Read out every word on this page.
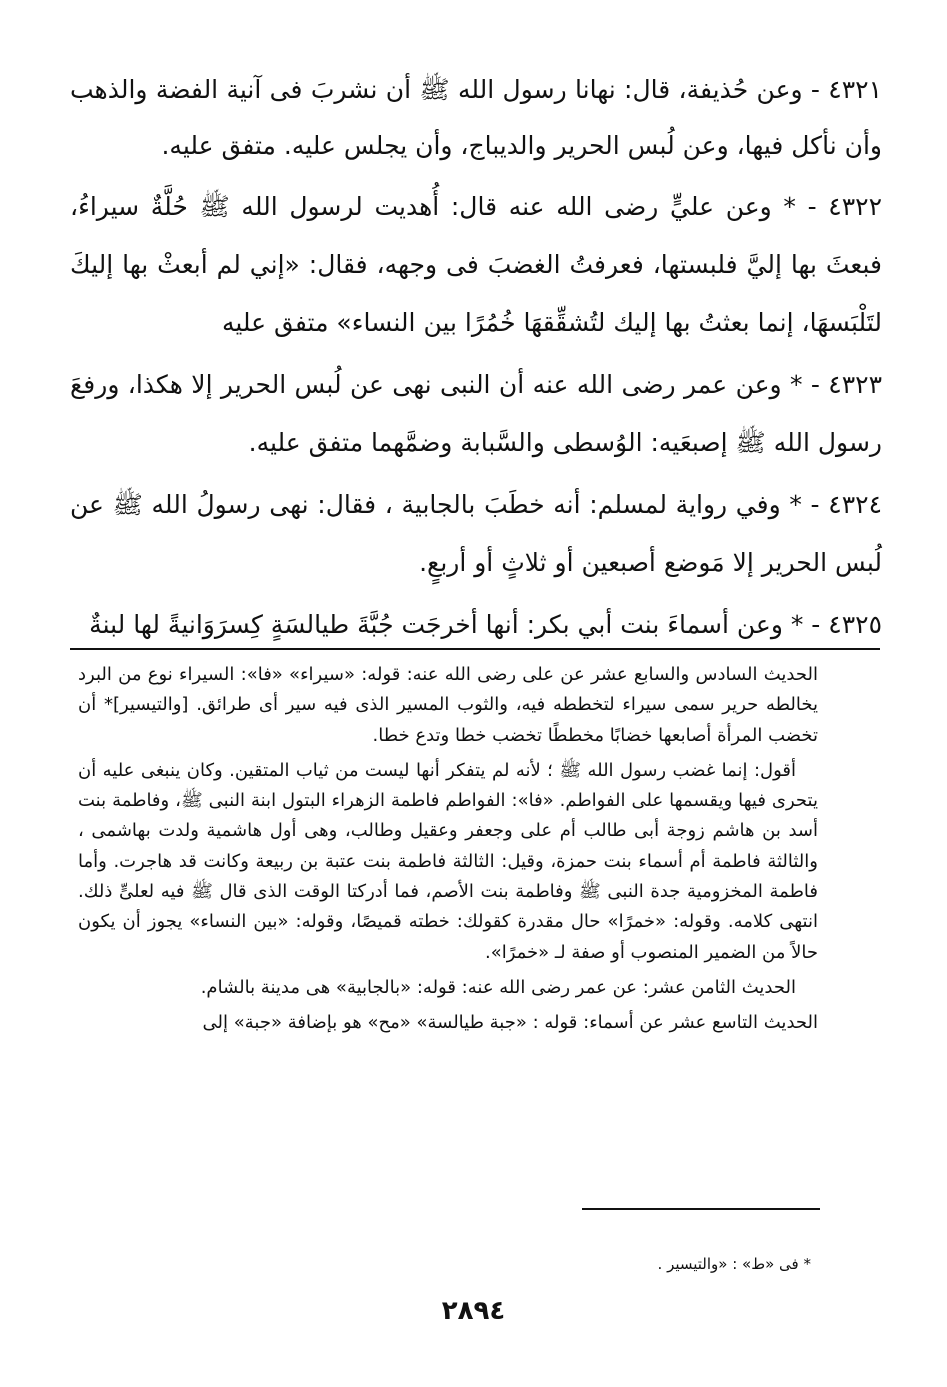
٤٣٢١ - وعن حُذيفة، قال: نهانا رسول الله ﷺ أن نشربَ فى آنية الفضة والذهب وأن نأكل فيها، وعن لُبس الحرير والديباج، وأن يجلس عليه. متفق عليه.

٤٣٢٢ - * وعن عليٍّ رضى الله عنه قال: أُهديت لرسول الله ﷺ حُلَّةٌ سيراءُ، فبعثَ بها إليَّ فلبستها، فعرفتُ الغضبَ فى وجهه، فقال: «إني لم أبعثْ بها إليكَ لتَلْبَسهَا، إنما بعثتُ بها إليك لتُشقِّقهَا خُمُرًا بين النساء» متفق عليه

٤٣٢٣ - * وعن عمر رضى الله عنه أن النبى نهى عن لُبس الحرير إلا هكذا، ورفعَ رسول الله ﷺ إصبعَيه: الوُسطى والسَّبابة وضمَّهما متفق عليه.

٤٣٢٤ - * وفي رواية لمسلم: أنه خطَبَ بالجابية ، فقال: نهى رسولُ الله ﷺ عن لُبس الحرير إلا مَوضع أصبعين أو ثلاثٍ أو أربعٍ.

٤٣٢٥ - * وعن أسماءَ بنت أبي بكر: أنها أخرجَت جُبَّةَ طيالسَةٍ كِسرَوَانيةً لها لبنةٌ

الحديث السادس والسابع عشر عن على رضى الله عنه: قوله: «سيراء» «فا»: السيراء نوع من البرد يخالطه حرير سمى سيراء لتخططه فيه، والثوب المسير الذى فيه سير أى طرائق. [والتيسير]* أن تخضب المرأة أصابعها خضابًا مخططًا تخضب خطا وتدع خطا.

أقول: إنما غضب رسول الله ﷺ ؛ لأنه لم يتفكر أنها ليست من ثياب المتقين. وكان ينبغى عليه أن يتحرى فيها ويقسمها على الفواطم. «فا»: الفواطم فاطمة الزهراء البتول ابنة النبى ﷺ، وفاطمة بنت أسد بن هاشم زوجة أبى طالب أم على وجعفر وعقيل وطالب، وهى أول هاشمية ولدت بهاشمى ، والثالثة فاطمة أم أسماء بنت حمزة، وقيل: الثالثة فاطمة بنت عتبة بن ربيعة وكانت قد هاجرت. وأما فاطمة المخزومية جدة النبى ﷺ وفاطمة بنت الأصم، فما أدركتا الوقت الذى قال ﷺ فيه لعلىٍّ ذلك. انتهى كلامه. وقوله: «خمرًا» حال مقدرة كقولك: خطته قميصًا، وقوله: «بين النساء» يجوز أن يكون حالاً من الضمير المنصوب أو صفة لـ «خمرًا».

الحديث الثامن عشر: عن عمر رضى الله عنه: قوله: «بالجابية» هى مدينة بالشام.

الحديث التاسع عشر عن أسماء: قوله : «جبة طيالسة» «مح» هو بإضافة «جبة» إلى

* فى «ط» : «والتيسير .
٢٨٩٤
